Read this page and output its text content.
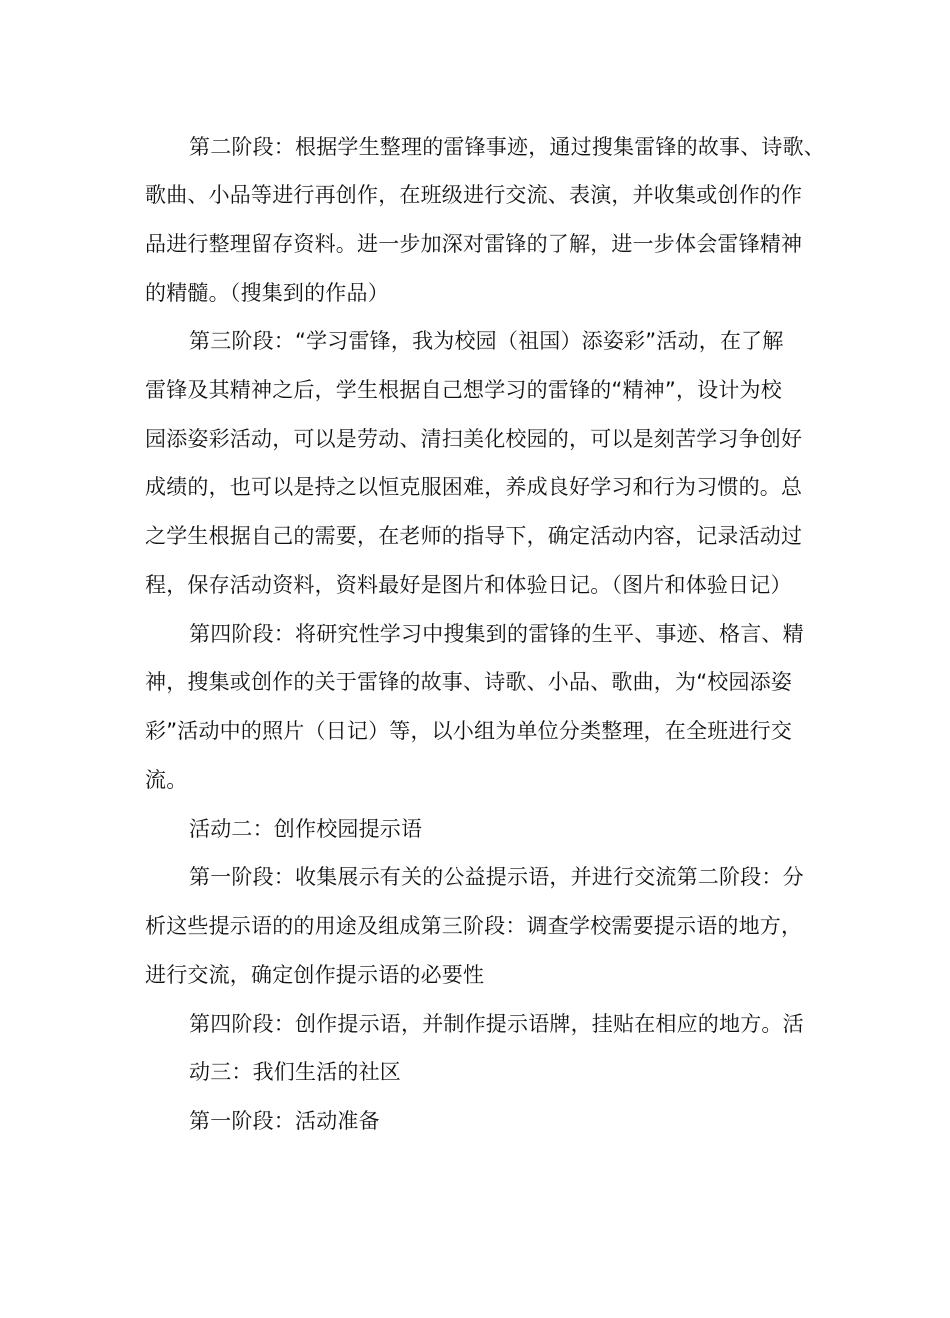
第二阶段：根据学生整理的雷锋事迹，通过搜集雷锋的故事、诗歌、
歌曲、小品等进行再创作，在班级进行交流、表演，并收集或创作的作
品进行整理留存资料。进一步加深对雷锋的了解，进一步体会雷锋精神
的精髓。（搜集到的作品）
第三阶段：“学习雷锋，我为校园（祖国）添姿彩”活动，在了解
雷锋及其精神之后，学生根据自己想学习的雷锋的“精神”，设计为校
园添姿彩活动，可以是劳动、清扫美化校园的，可以是刻苦学习争创好
成绩的，也可以是持之以恒克服困难，养成良好学习和行为习惯的。总
之学生根据自己的需要，在老师的指导下，确定活动内容，记录活动过
程，保存活动资料，资料最好是图片和体验日记。（图片和体验日记）
第四阶段：将研究性学习中搜集到的雷锋的生平、事迹、格言、精
神，搜集或创作的关于雷锋的故事、诗歌、小品、歌曲，为“校园添姿
彩”活动中的照片（日记）等，以小组为单位分类整理，在全班进行交
流。
活动二：创作校园提示语
第一阶段：收集展示有关的公益提示语，并进行交流第二阶段：分
析这些提示语的的用途及组成第三阶段：调查学校需要提示语的地方，
进行交流，确定创作提示语的必要性
第四阶段：创作提示语，并制作提示语牌，挂贴在相应的地方。活
动三：我们生活的社区
第一阶段：活动准备
